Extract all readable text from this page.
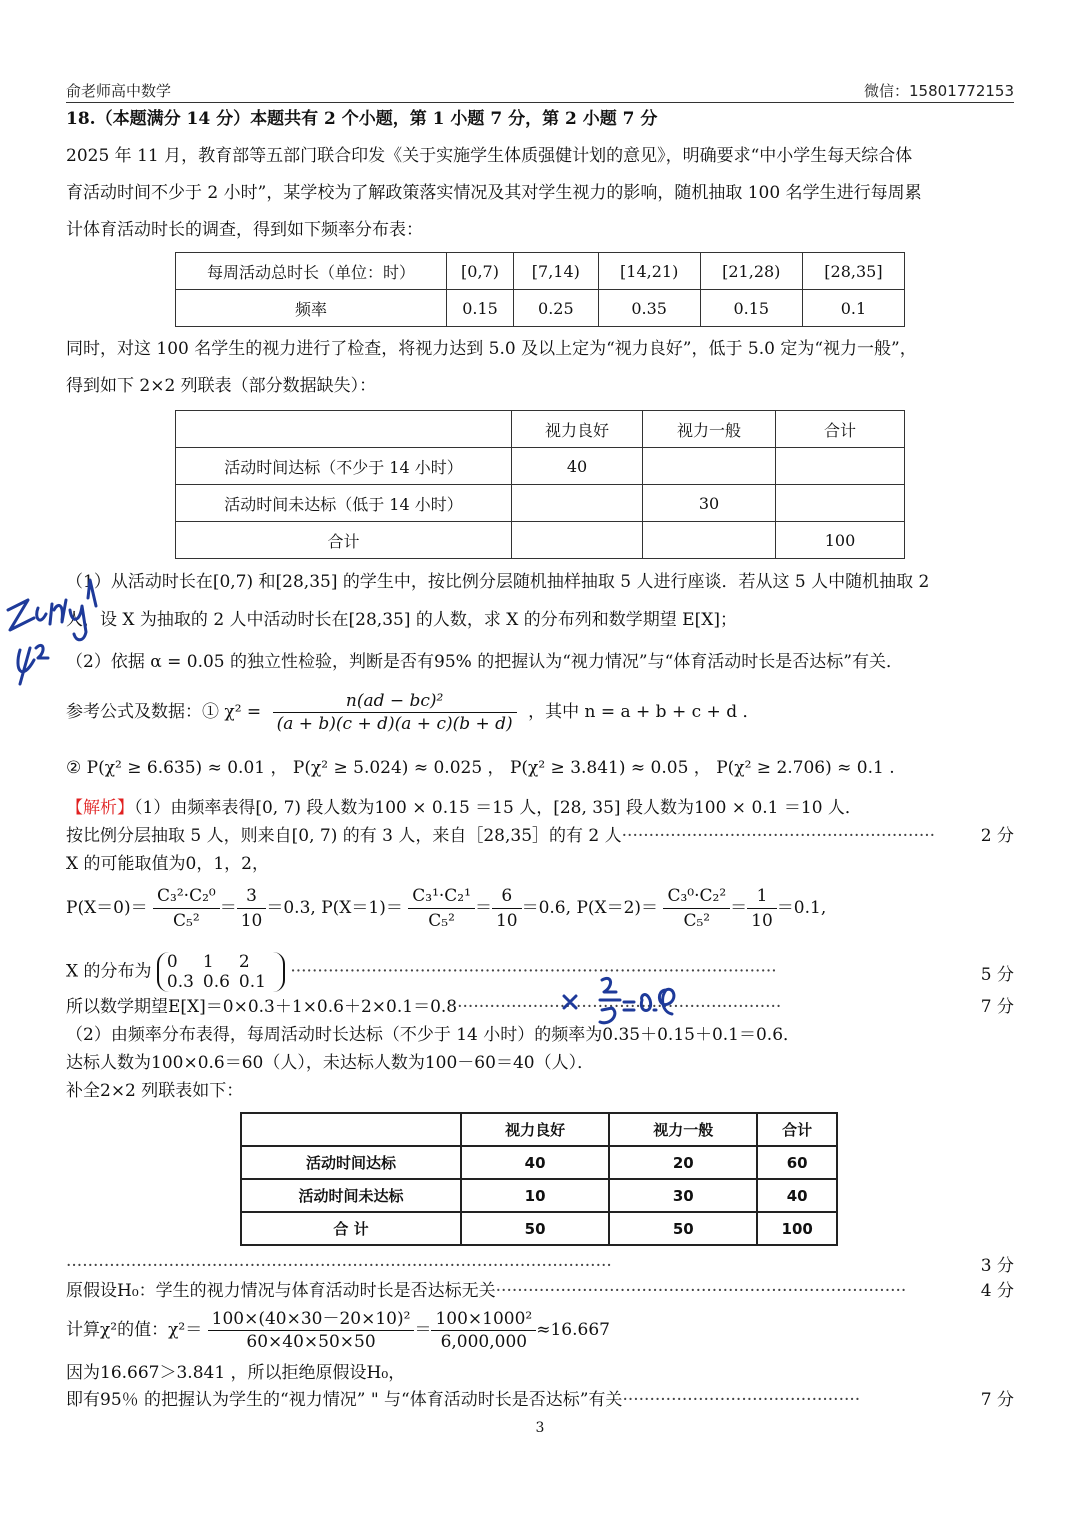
俞老师高中数学	微信：15801772153
18.（本题满分 14 分）本题共有 2 个小题，第 1 小题 7 分，第 2 小题 7 分
2025 年 11 月，教育部等五部门联合印发《关于实施学生体质强健计划的意见》，明确要求“中小学生每天综合体
育活动时间不少于 2 小时”，某学校为了解政策落实情况及其对学生视力的影响，随机抽取 100 名学生进行每周累
计体育活动时长的调查，得到如下频率分布表：
每周活动总时长（单位：时）	[0,7)	[7,14)	[14,21)	[21,28)	[28,35]
频率	0.15	0.25	0.35	0.15	0.1
同时，对这 100 名学生的视力进行了检查，将视力达到 5.0 及以上定为“视力良好”，低于 5.0 定为“视力一般”，
得到如下 2×2 列联表（部分数据缺失）：
	视力良好	视力一般	合计
活动时间达标（不少于 14 小时）	40		
活动时间未达标（低于 14 小时）		30	
合计			100
（1）从活动时长在[0,7) 和[28,35] 的学生中，按比例分层随机抽样抽取 5 人进行座谈．若从这 5 人中随机抽取 2
人，设 X 为抽取的 2 人中活动时长在[28,35] 的人数，求 X 的分布列和数学期望 E[X]；
（2）依据 α = 0.05 的独立性检验，判断是否有95% 的把握认为“视力情况”与“体育活动时长是否达标”有关．
参考公式及数据：① $\chi^2 = \frac{\text{n(ad − bc)²}}{(a + b)(c + d)(a + c)(b + d)}$ ，其中 n = a + b + c + d ．
② P(χ² ≥ 6.635) ≈ 0.01 ， P(χ² ≥ 5.024) ≈ 0.025 ， P(χ² ≥ 3.841) ≈ 0.05 ， P(χ² ≥ 2.706) ≈ 0.1 .
【解析】（1）由频率表得[0, 7) 段人数为100 × 0.15 ＝15 人，[28, 35] 段人数为100 × 0.1 ＝10 人．
按比例分层抽取 5 人，则来自[0, 7) 的有 3 人，来自［28,35］的有 2 人··························································	2 分
X 的可能取值为0，1，2，
$P(X=0)= \frac{\text{C₃²·C₂⁰}}{\text{C₅²}} = \frac{3}{10} =0.3$, $P(X=1)= \frac{\text{C₃¹·C₂¹}}{\text{C₅²}} = \frac{6}{10} =0.6$, $P(X=2)= \frac{\text{C₃⁰·C₂²}}{\text{C₅²}} = \frac{1}{10} =0.1$,
X 的分布为 0 1 2
0.3 0.6 0.1
··························································································	5 分
所以数学期望E[X]＝0×0.3＋1×0.6＋2×0.1＝0.8····························································	7 分
（2）由频率分布表得，每周活动时长达标（不少于 14 小时）的频率为0.35＋0.15＋0.1＝0.6．
达标人数为100×0.6＝60（人），未达标人数为100－60＝40（人）．
补全2×2 列联表如下：
	视力良好	视力一般	合计
活动时间达标	40	20	60
活动时间未达标	10	30	40
合 计	50	50	100
·····································································································	3 分
原假设H₀：学生的视力情况与体育活动时长是否达标无关············································································	4 分
计算χ²的值：$\chi^2= \frac{\text{100×(40×30－20×10)²}}{60\times 40\times 50\times 50} = \frac{\text{100×1000²}}{6,000,000} \approx 16.667$
因为16.667＞3.841 ，所以拒绝原假设H₀，
即有95％ 的把握认为学生的“视力情况” " 与“体育活动时长是否达标”有关············································	7 分
3
